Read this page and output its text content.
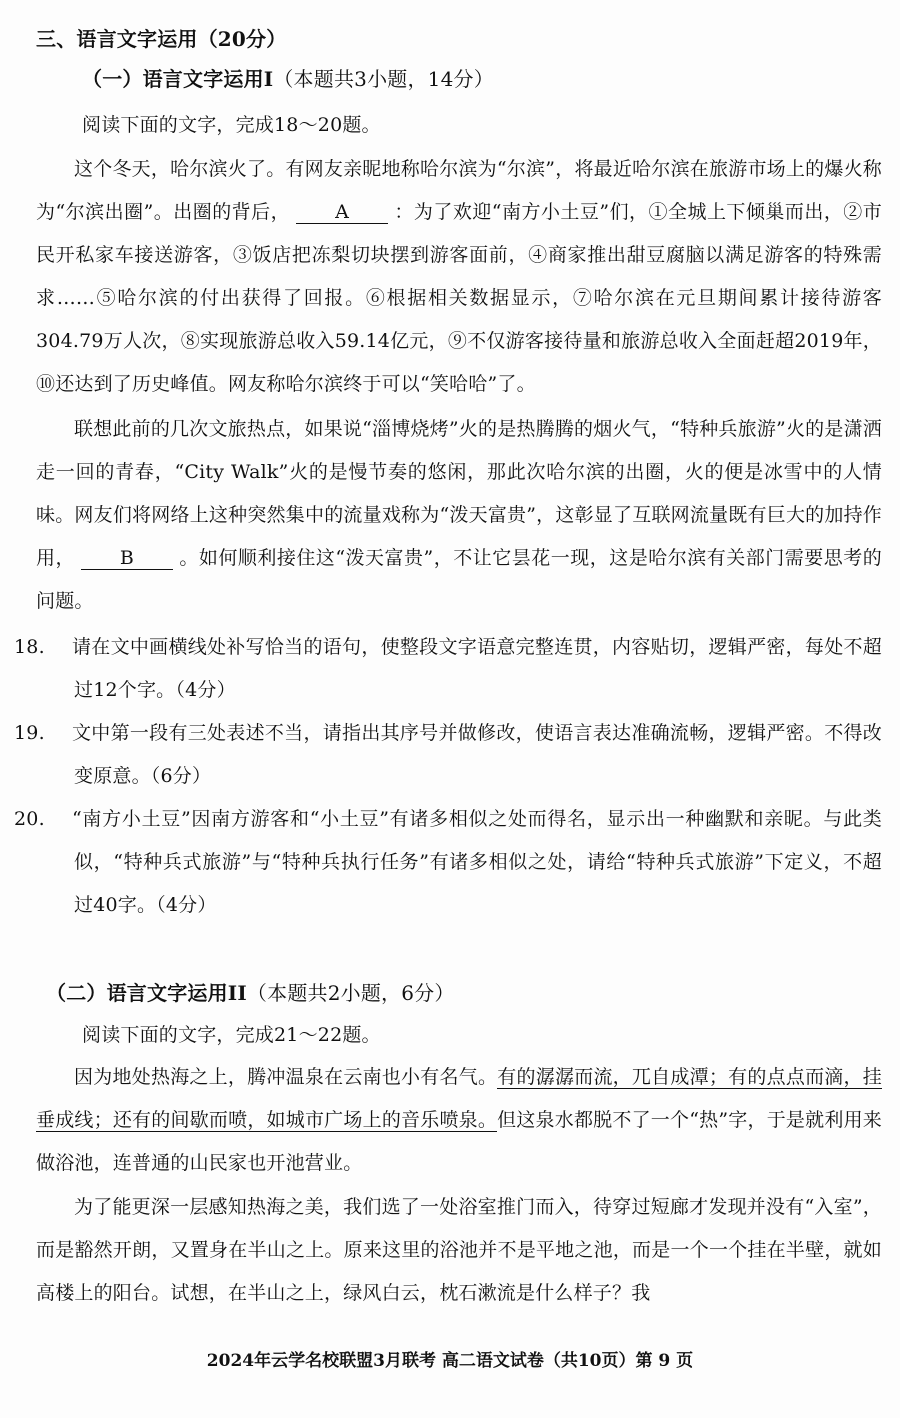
三、语言文字运用（20分）
（一）语言文字运用Ⅰ（本题共3小题，14分）
阅读下面的文字，完成18～20题。
这个冬天，哈尔滨火了。有网友亲昵地称哈尔滨为“尔滨”，将最近哈尔滨在旅游市场上的爆火称为“尔滨出圈”。出圈的背后， A ：为了欢迎“南方小土豆”们，①全城上下倾巢而出，②市民开私家车接送游客，③饭店把冻梨切块摆到游客面前，④商家推出甜豆腐脑以满足游客的特殊需求……⑤哈尔滨的付出获得了回报。⑥根据相关数据显示，⑦哈尔滨在元旦期间累计接待游客304.79万人次，⑧实现旅游总收入59.14亿元，⑨不仅游客接待量和旅游总收入全面赶超2019年，⑩还达到了历史峰值。网友称哈尔滨终于可以“笑哈哈”了。
联想此前的几次文旅热点，如果说“淄博烧烤”火的是热腾腾的烟火气，“特种兵旅游”火的是潇洒走一回的青春，“City Walk”火的是慢节奏的悠闲，那此次哈尔滨的出圈，火的便是冰雪中的人情味。网友们将网络上这种突然集中的流量戏称为“泼天富贵”，这彰显了互联网流量既有巨大的加持作用， B 。如何顺利接住这“泼天富贵”，不让它昙花一现，这是哈尔滨有关部门需要思考的问题。
18.	请在文中画横线处补写恰当的语句，使整段文字语意完整连贯，内容贴切，逻辑严密，每处不超过12个字。（4分）
19.	文中第一段有三处表述不当，请指出其序号并做修改，使语言表达准确流畅，逻辑严密。不得改变原意。（6分）
20.	“南方小土豆”因南方游客和“小土豆”有诸多相似之处而得名，显示出一种幽默和亲昵。与此类似，“特种兵式旅游”与“特种兵执行任务”有诸多相似之处，请给“特种兵式旅游”下定义，不超过40字。（4分）
（二）语言文字运用II（本题共2小题，6分）
阅读下面的文字，完成21～22题。
因为地处热海之上，腾冲温泉在云南也小有名气。有的潺潺而流，兀自成潭；有的点点而滴，挂垂成线；还有的间歇而喷，如城市广场上的音乐喷泉。但这泉水都脱不了一个“热”字，于是就利用来做浴池，连普通的山民家也开池营业。
为了能更深一层感知热海之美，我们选了一处浴室推门而入，待穿过短廊才发现并没有“入室”，而是豁然开朗，又置身在半山之上。原来这里的浴池并不是平地之池，而是一个一个挂在半壁，就如高楼上的阳台。试想，在半山之上，绿风白云，枕石漱流是什么样子？我
2024年云学名校联盟3月联考 高二语文试卷（共10页）第 9 页
